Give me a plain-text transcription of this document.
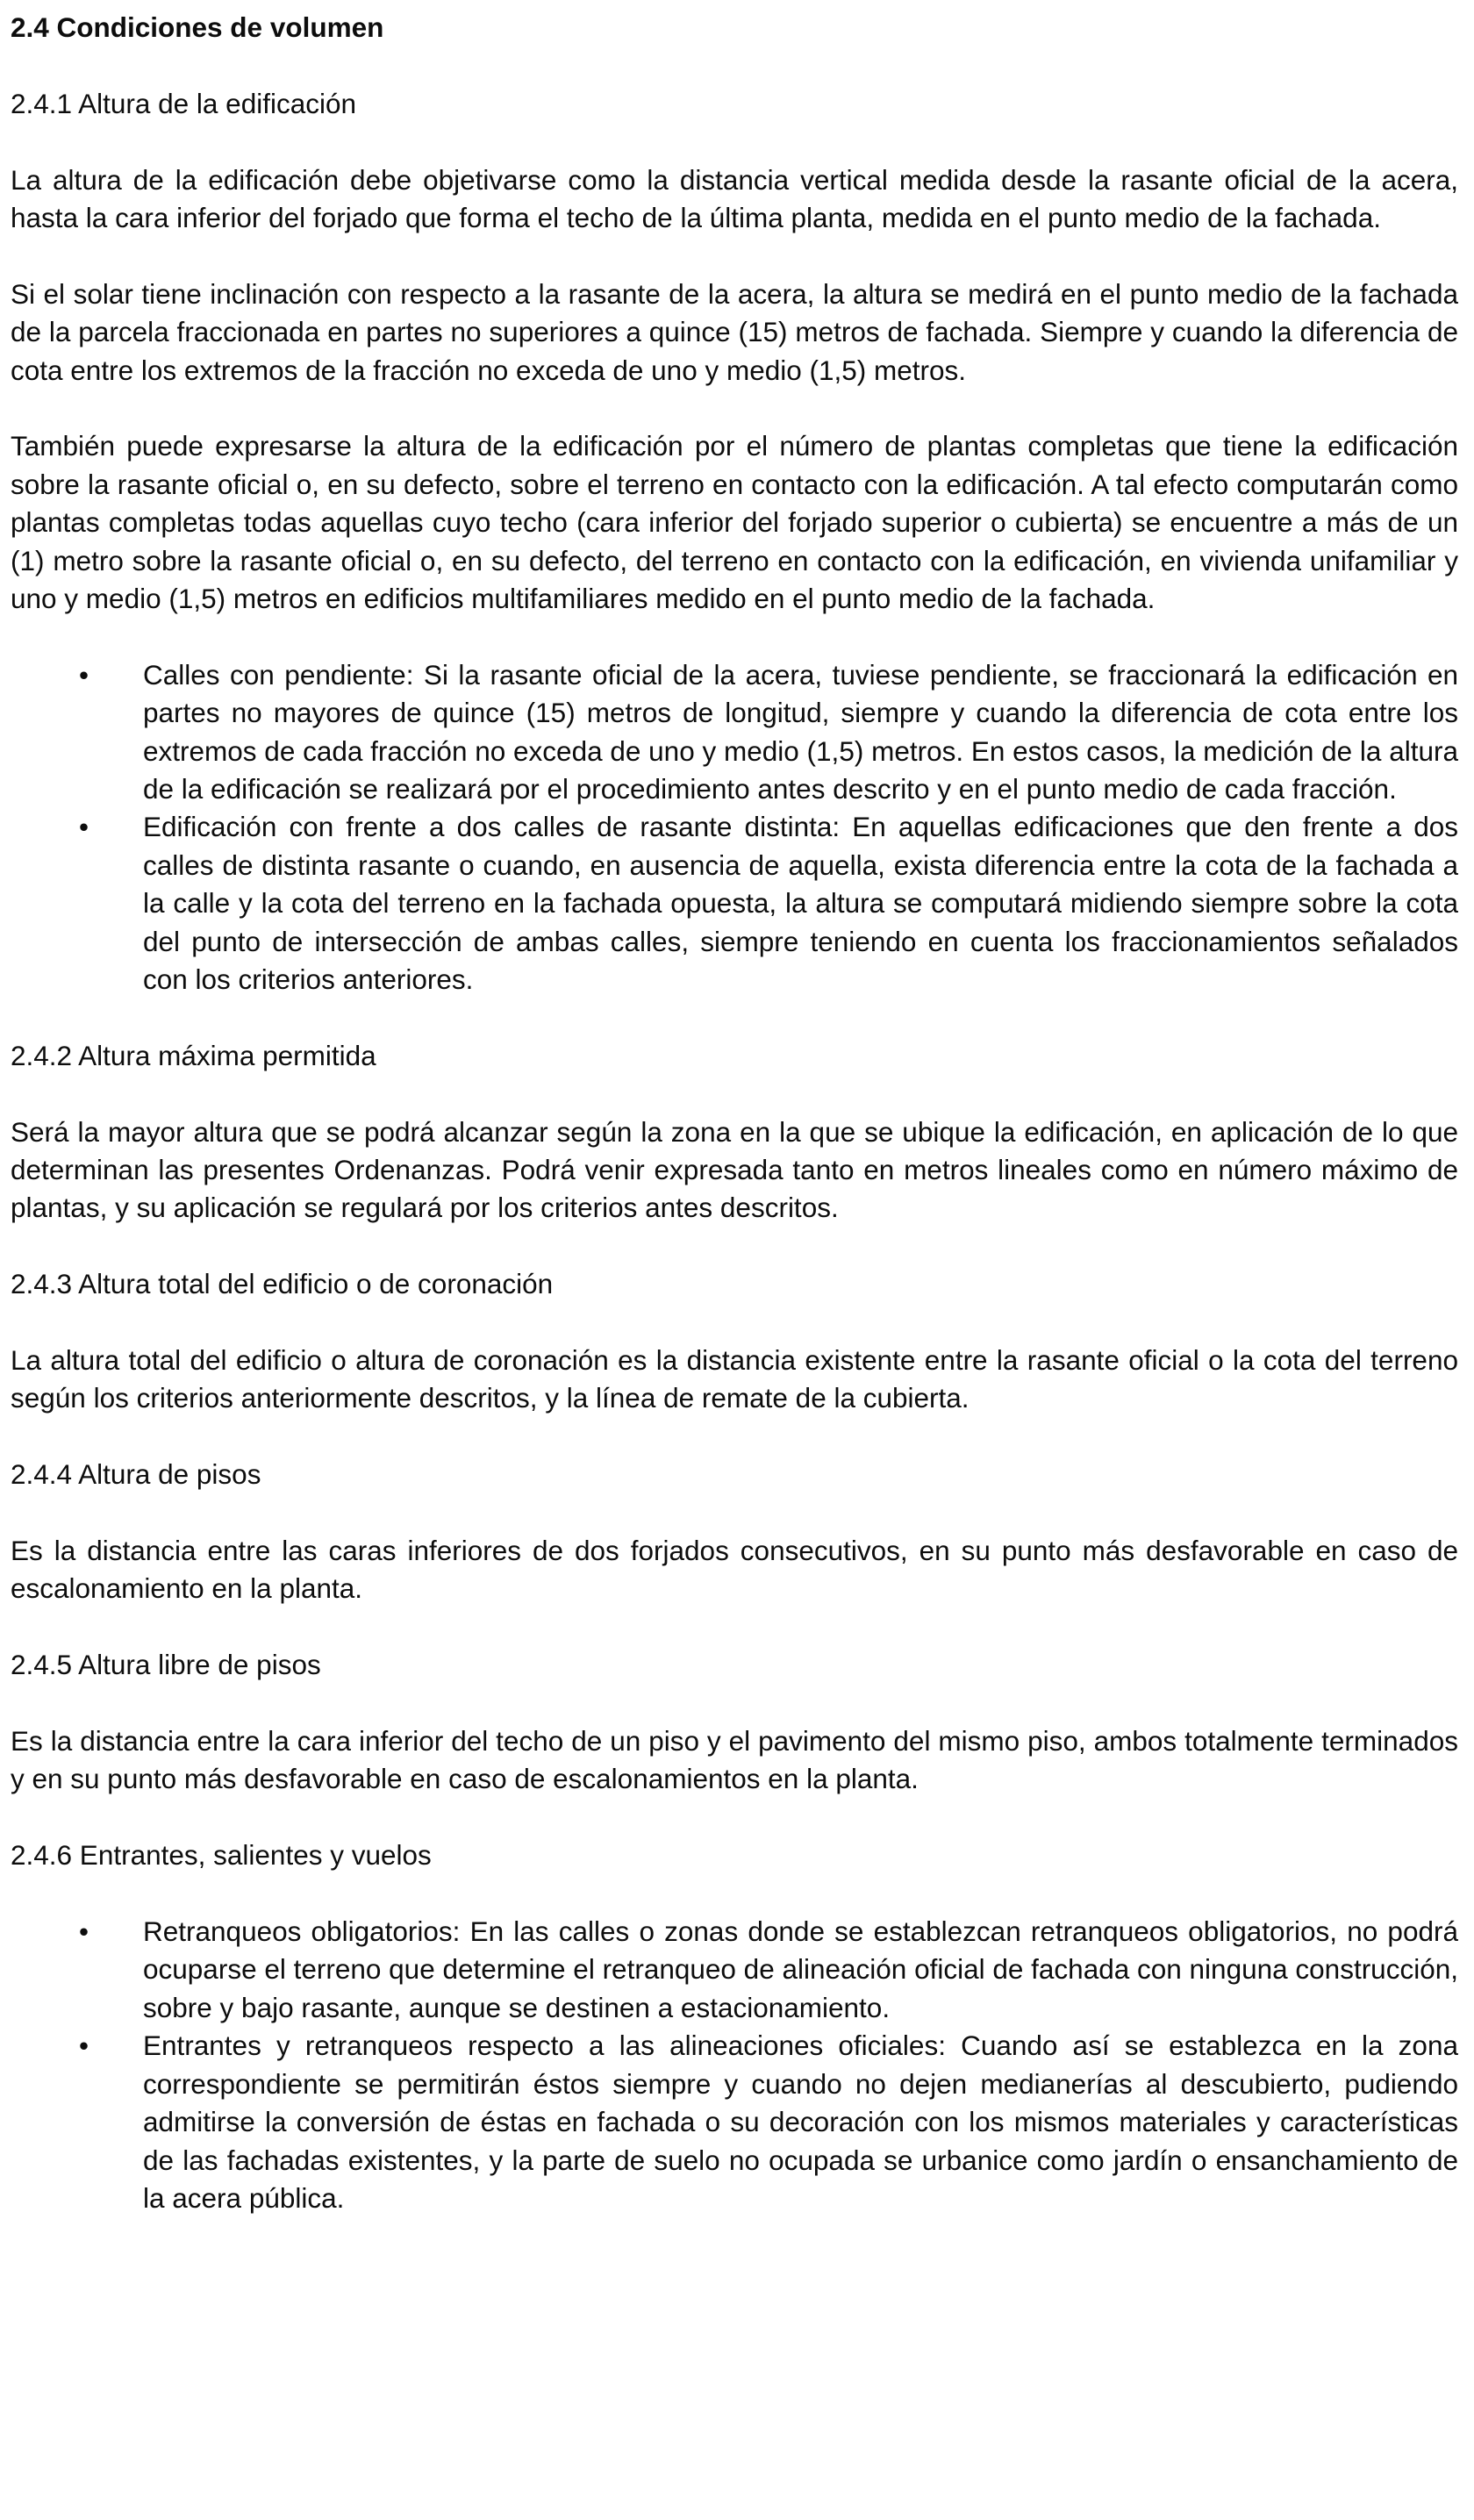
2.4 Condiciones de volumen
2.4.1 Altura de la edificación

La altura de la edificación debe objetivarse como la distancia vertical medida desde la rasante oficial de la acera, hasta la cara inferior del forjado que forma el techo de la última planta, medida en el punto medio de la fachada.

Si el solar tiene inclinación con respecto a la rasante de la acera, la altura se medirá en el punto medio de la fachada de la parcela fraccionada en partes no superiores a quince (15) metros de fachada. Siempre y cuando la diferencia de cota entre los extremos de la fracción no exceda de uno y medio (1,5) metros.

También puede expresarse la altura de la edificación por el número de plantas completas que tiene la edificación sobre la rasante oficial o, en su defecto, sobre el terreno en contacto con la edificación. A tal efecto computarán como plantas completas todas aquellas cuyo techo (cara inferior del forjado superior o cubierta) se encuentre a más de un (1) metro sobre la rasante oficial o, en su defecto, del terreno en contacto con la edificación, en vivienda unifamiliar y uno y medio (1,5) metros en edificios multifamiliares medido en el punto medio de la fachada.

•	Calles con pendiente: Si la rasante oficial de la acera, tuviese pendiente, se fraccionará la edificación en partes no mayores de quince (15) metros de longitud, siempre y cuando la diferencia de cota entre los extremos de cada fracción no exceda de uno y medio (1,5) metros. En estos casos, la medición de la altura de la edificación se realizará por el procedimiento antes descrito y en el punto medio de cada fracción.
•	Edificación con frente a dos calles de rasante distinta: En aquellas edificaciones que den frente a dos calles de distinta rasante o cuando, en ausencia de aquella, exista diferencia entre la cota de la fachada a la calle y la cota del terreno en la fachada opuesta, la altura se computará midiendo siempre sobre la cota del punto de intersección de ambas calles, siempre teniendo en cuenta los fraccionamientos señalados con los criterios anteriores.
2.4.2 Altura máxima permitida

Será la mayor altura que se podrá alcanzar según la zona en la que se ubique la edificación, en aplicación de lo que determinan las presentes Ordenanzas. Podrá venir expresada tanto en metros lineales como en número máximo de plantas, y su aplicación se regulará por los criterios antes descritos.

2.4.3 Altura total del edificio o de coronación

La altura total del edificio o altura de coronación es la distancia existente entre la rasante oficial o la cota del terreno según los criterios anteriormente descritos, y la línea de remate de la cubierta.

2.4.4 Altura de pisos

Es la distancia entre las caras inferiores de dos forjados consecutivos, en su punto más desfavorable en caso de escalonamiento en la planta.

2.4.5 Altura libre de pisos

Es la distancia entre la cara inferior del techo de un piso y el pavimento del mismo piso, ambos totalmente terminados y en su punto más desfavorable en caso de escalonamientos en la planta.

2.4.6 Entrantes, salientes y vuelos
•	Retranqueos obligatorios: En las calles o zonas donde se establezcan retranqueos obligatorios, no podrá ocuparse el terreno que determine el retranqueo de alineación oficial de fachada con ninguna construcción, sobre y bajo rasante, aunque se destinen a estacionamiento.
•	Entrantes y retranqueos respecto a las alineaciones oficiales: Cuando así se establezca en la zona correspondiente se permitirán éstos siempre y cuando no dejen medianerías al descubierto, pudiendo admitirse la conversión de éstas en fachada o su decoración con los mismos materiales y características de las fachadas existentes, y la parte de suelo no ocupada se urbanice como jardín o ensanchamiento de la acera pública.
